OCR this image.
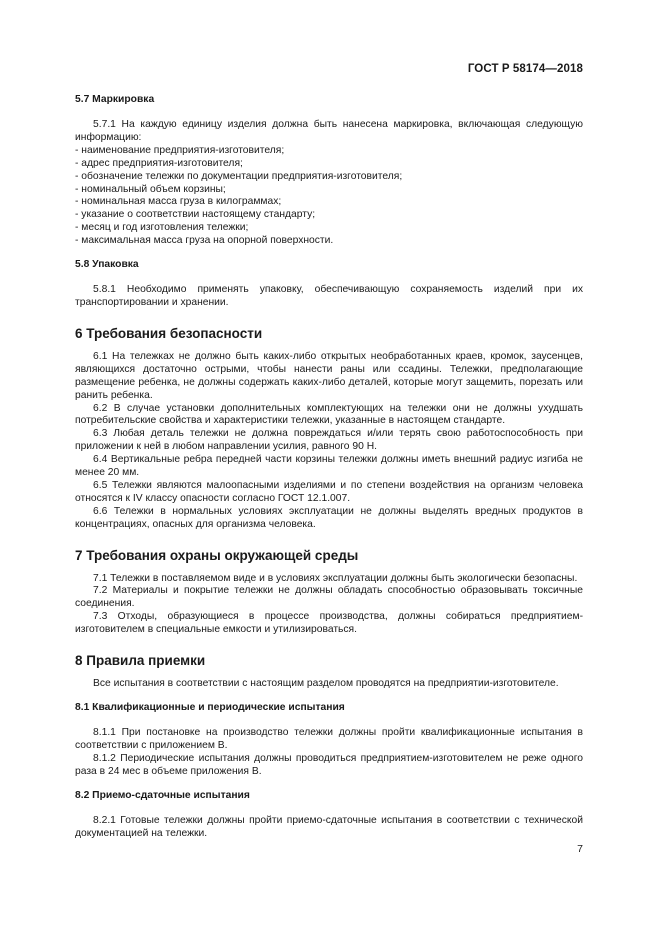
ГОСТ Р 58174—2018
5.7 Маркировка

5.7.1 На каждую единицу изделия должна быть нанесена маркировка, включающая следующую информацию:

- наименование предприятия-изготовителя;

- адрес предприятия-изготовителя;

- обозначение тележки по документации предприятия-изготовителя;

- номинальный объем корзины;

- номинальная масса груза в килограммах;

- указание о соответствии настоящему стандарту;

- месяц и год изготовления тележки;

- максимальная масса груза на опорной поверхности.

5.8 Упаковка

5.8.1 Необходимо применять упаковку, обеспечивающую сохраняемость изделий при их транспортировании и хранении.

6 Требования безопасности

6.1 На тележках не должно быть каких-либо открытых необработанных краев, кромок, заусенцев, являющихся достаточно острыми, чтобы нанести раны или ссадины. Тележки, предполагающие размещение ребенка, не должны содержать каких-либо деталей, которые могут защемить, порезать или ранить ребенка.

6.2 В случае установки дополнительных комплектующих на тележки они не должны ухудшать потребительские свойства и характеристики тележки, указанные в настоящем стандарте.

6.3 Любая деталь тележки не должна повреждаться и/или терять свою работоспособность при приложении к ней в любом направлении усилия, равного 90 Н.

6.4 Вертикальные ребра передней части корзины тележки должны иметь внешний радиус изгиба не менее 20 мм.

6.5 Тележки являются малоопасными изделиями и по степени воздействия на организм человека относятся к IV классу опасности согласно ГОСТ 12.1.007.

6.6 Тележки в нормальных условиях эксплуатации не должны выделять вредных продуктов в концентрациях, опасных для организма человека.

7 Требования охраны окружающей среды

7.1 Тележки в поставляемом виде и в условиях эксплуатации должны быть экологически безопасны.

7.2 Материалы и покрытие тележки не должны обладать способностью образовывать токсичные соединения.

7.3 Отходы, образующиеся в процессе производства, должны собираться предприятием-изготовителем в специальные емкости и утилизироваться.

8 Правила приемки

Все испытания в соответствии с настоящим разделом проводятся на предприятии-изготовителе.

8.1 Квалификационные и периодические испытания

8.1.1 При постановке на производство тележки должны пройти квалификационные испытания в соответствии с приложением В.

8.1.2 Периодические испытания должны проводиться предприятием-изготовителем не реже одного раза в 24 мес в объеме приложения В.

8.2 Приемо-сдаточные испытания

8.2.1 Готовые тележки должны пройти приемо-сдаточные испытания в соответствии с технической документацией на тележки.

7
